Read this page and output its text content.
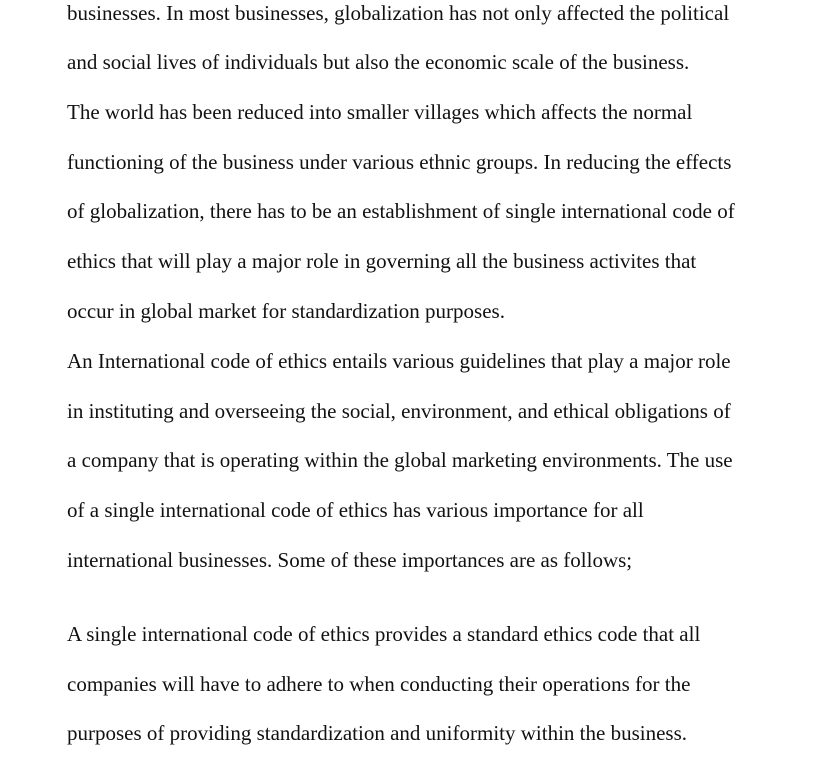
businesses. In most businesses, globalization has not only affected the political
and social lives of individuals but also the economic scale of the business.
The world has been reduced into smaller villages which affects the normal
functioning of the business under various ethnic groups. In reducing the effects
of globalization, there has to be an establishment of single international code of
ethics that will play a major role in governing all the business activites that
occur in global market for standardization purposes.
An International code of ethics entails various guidelines that play a major role
in instituting and overseeing the social, environment, and ethical obligations of
a company that is operating within the global marketing environments. The use
of a single international code of ethics has various importance for all
international businesses. Some of these importances are as follows;
A single international code of ethics provides a standard ethics code that all
companies will have to adhere to when conducting their operations for the
purposes of providing standardization and uniformity within the business.
